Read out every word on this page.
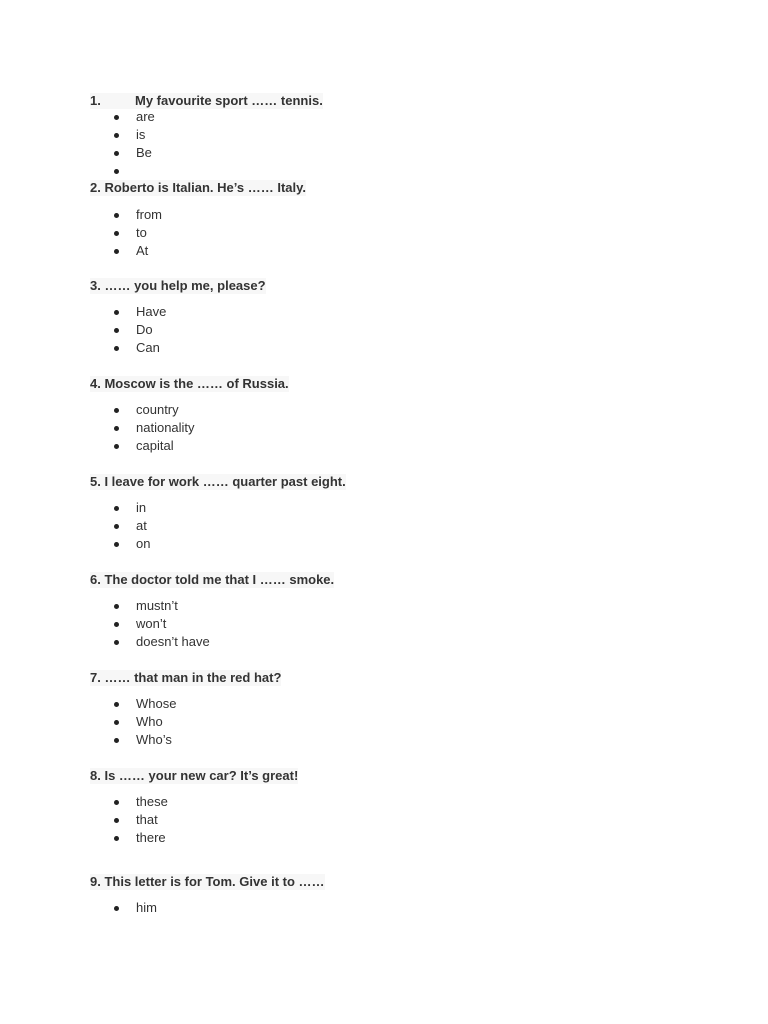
1.	My favourite sport …… tennis.
are
is
Be
2. Roberto is Italian. He’s …… Italy.
from
to
At
3. …… you help me, please?
Have
Do
Can
4. Moscow is the …… of Russia.
country
nationality
capital
5. I leave for work …… quarter past eight.
in
at
on
6. The doctor told me that I …… smoke.
mustn’t
won’t
doesn’t have
7. …… that man in the red hat?
Whose
Who
Who’s
8. Is …… your new car? It’s great!
these
that
there
9. This letter is for Tom. Give it to ……
him
